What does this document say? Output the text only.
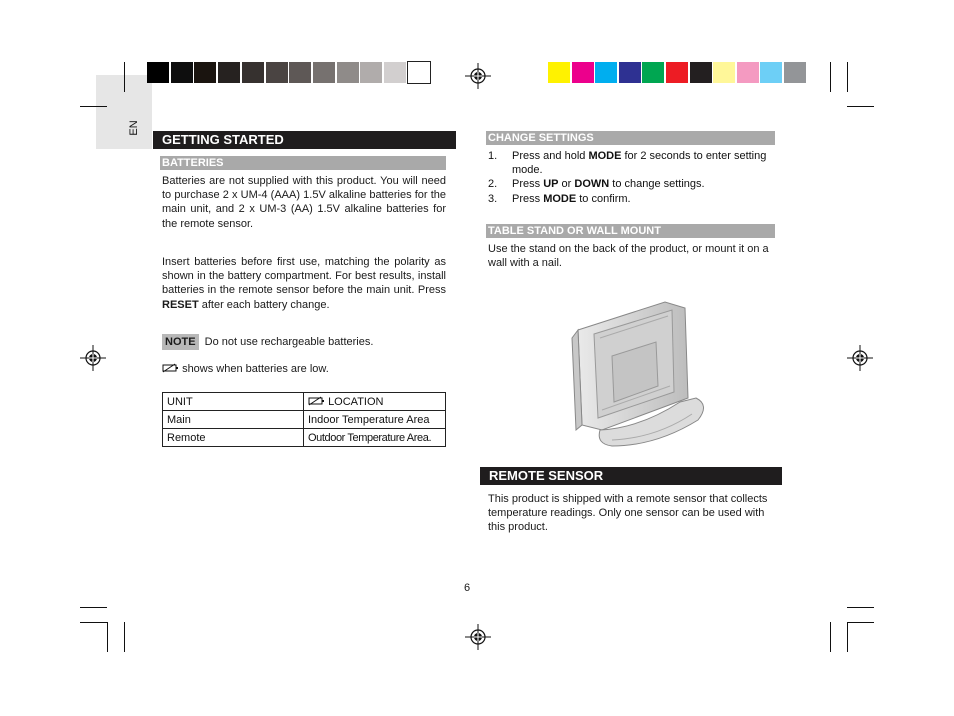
EN
GETTING STARTED
BATTERIES
Batteries are not supplied with this product. You will need to purchase 2 x UM-4 (AAA) 1.5V alkaline batteries for the main unit, and 2 x UM-3 (AA) 1.5V alkaline batteries for the remote sensor.
Insert batteries before first use, matching the polarity as shown in the battery compartment. For best results, install batteries in the remote sensor before the main unit. Press RESET after each battery change.
NOTE Do not use rechargeable batteries.
shows when batteries are low.
UNIT	LOCATION
Main	Indoor Temperature Area
Remote	Outdoor Temperature Area.
CHANGE SETTINGS
1.	Press and hold MODE for 2 seconds to enter setting mode.
2.	Press UP or DOWN to change settings.
3.	Press MODE to confirm.
TABLE STAND OR WALL MOUNT
Use the stand on the back of the product, or mount it on a wall with a nail.
REMOTE SENSOR
This product is shipped with a remote sensor that collects temperature readings. Only one sensor can be used with this product.
6
